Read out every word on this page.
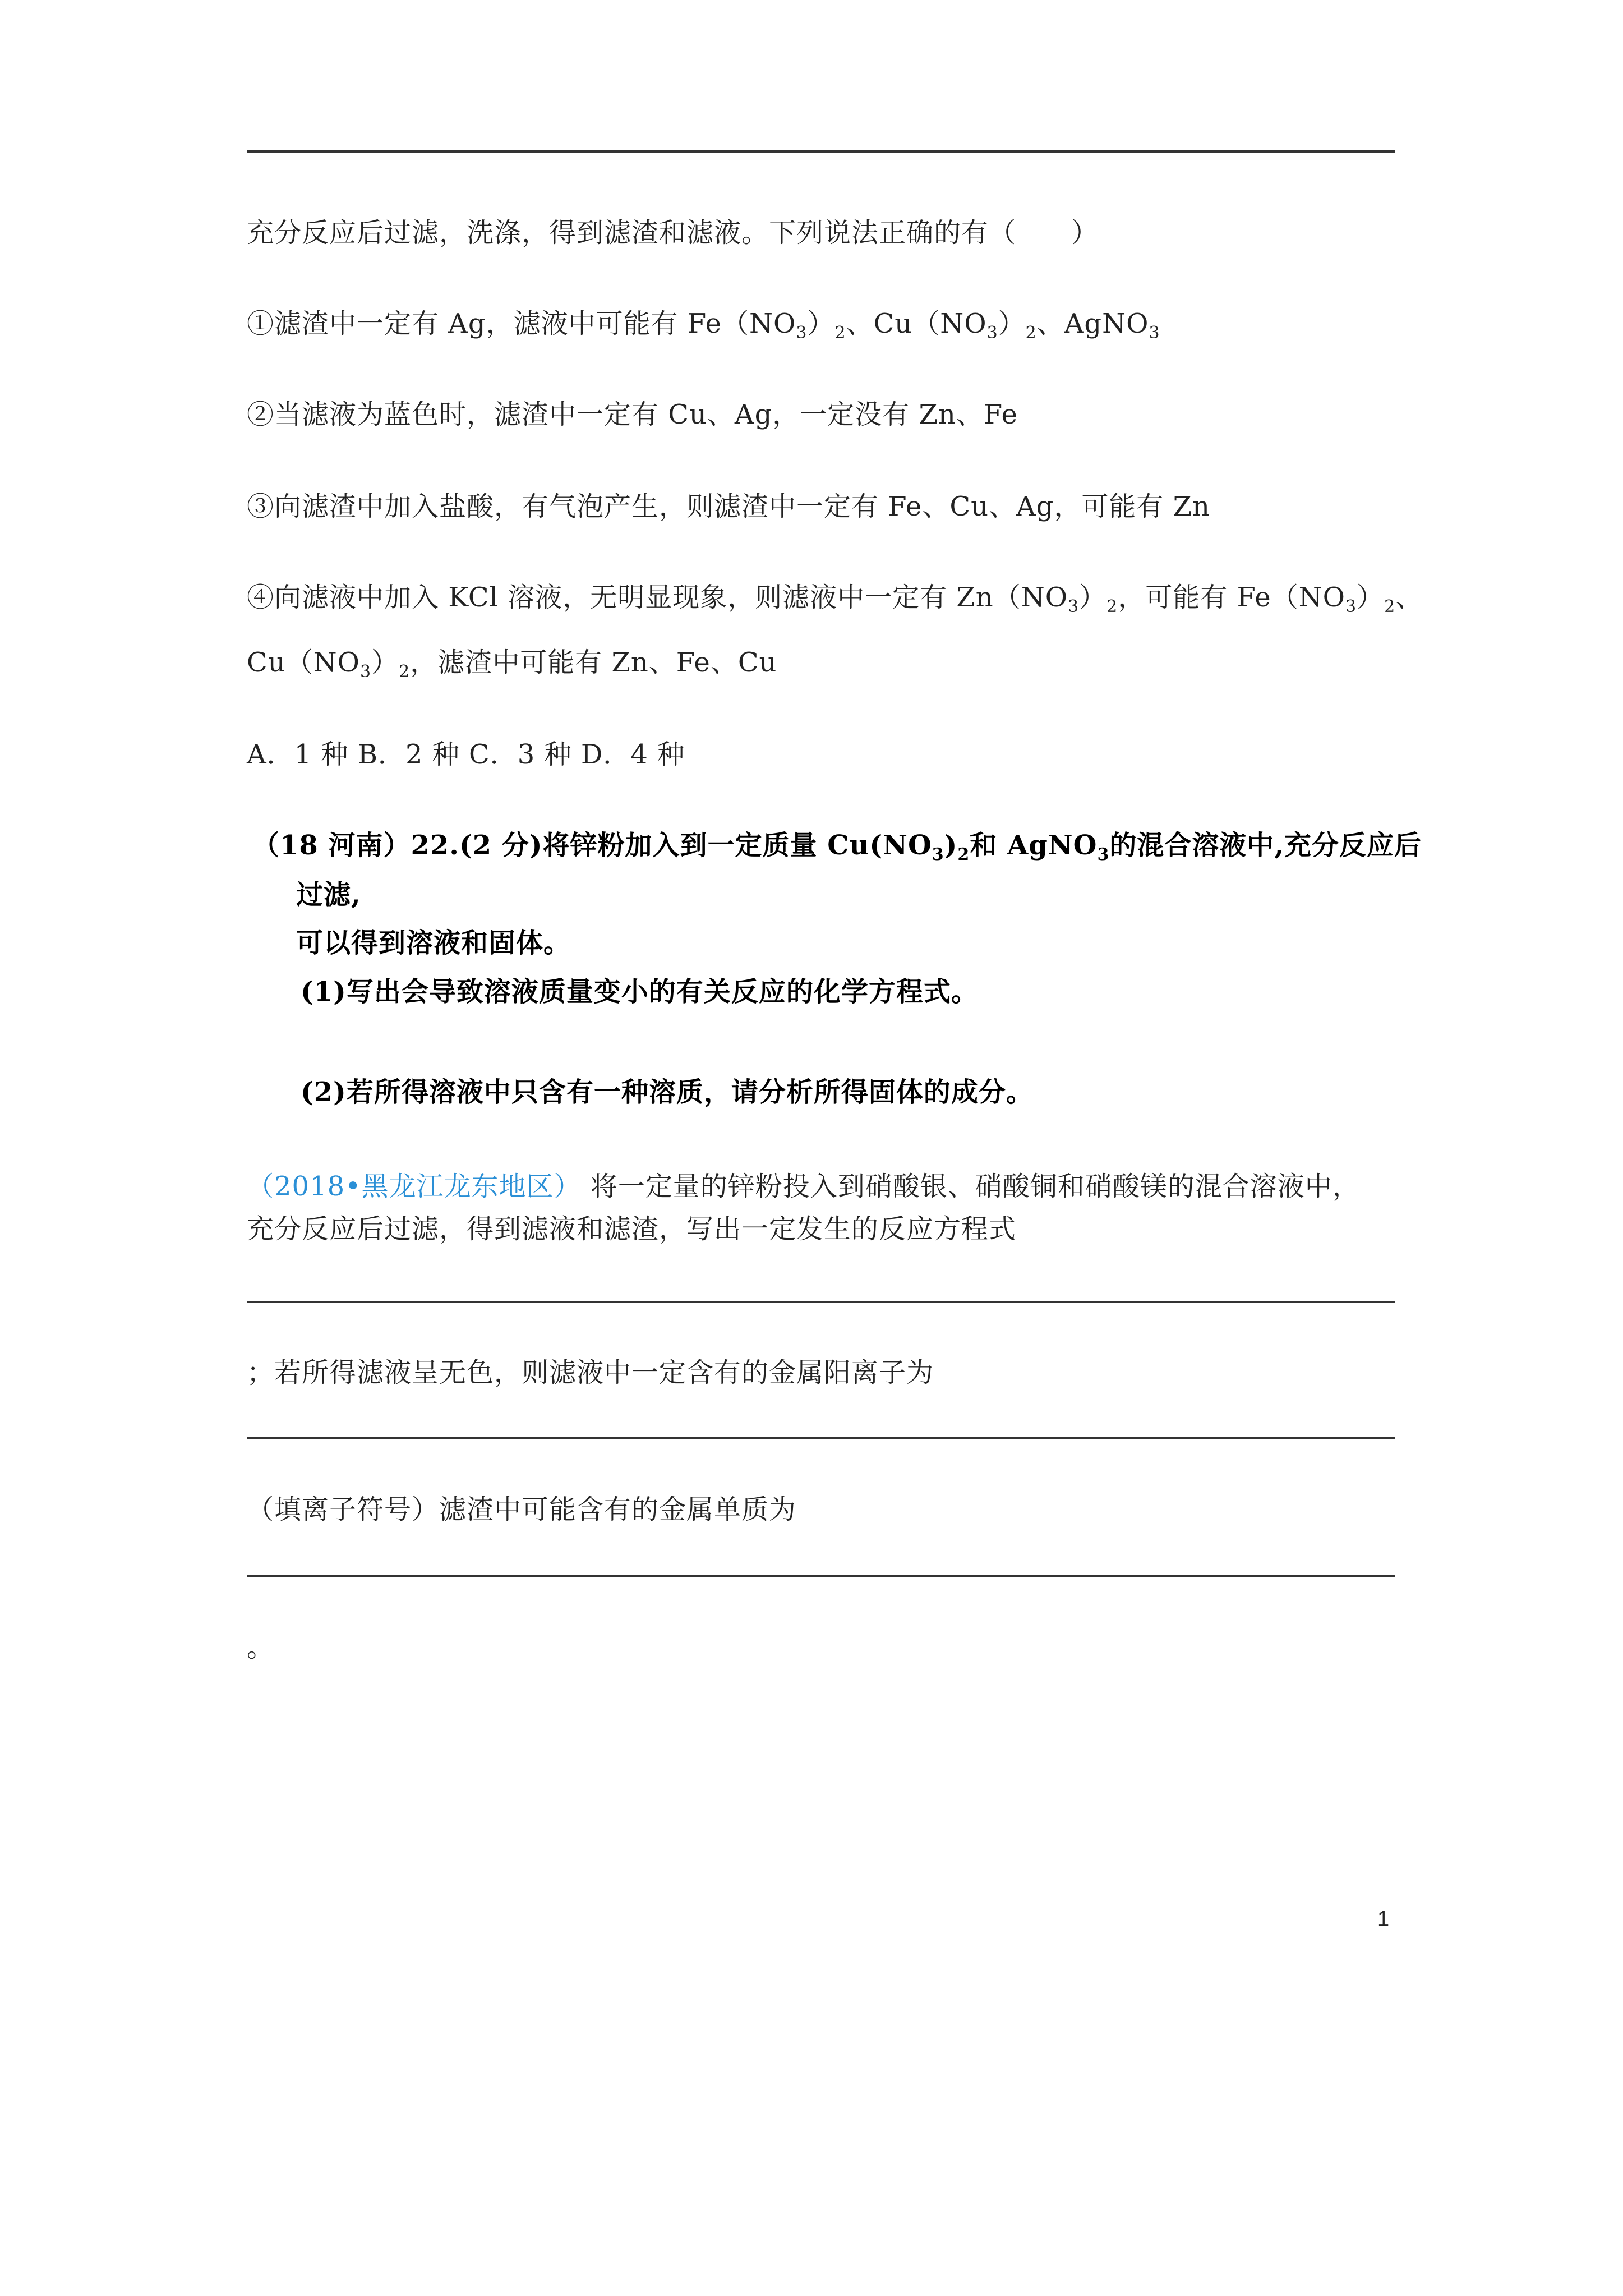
充分反应后过滤，洗涤，得到滤渣和滤液。下列说法正确的有（　　）
①滤渣中一定有 Ag，滤液中可能有 $Fe(NO_3)_2$、$Cu(NO_3)_2$、AgNO$_3$
②当滤液为蓝色时，滤渣中一定有 Cu、Ag，一定没有 Zn、Fe
③向滤渣中加入盐酸，有气泡产生，则滤渣中一定有 Fe、Cu、Ag，可能有 Zn
④向滤液中加入 KCl 溶液，无明显现象，则滤液中一定有 $Zn(NO_3)_2$，可能有 $Fe(NO_3)_2$、
$Cu(NO_3)_2$，滤渣中可能有 Zn、Fe、Cu
A．1 种 B．2 种 C．3 种 D．4 种
（18 河南）22.(2 分)将锌粉加入到一定质量 $Cu(NO_3)_2$和 AgNO$_3$的混合溶液中,充分反应后
过滤,
可以得到溶液和固体。
(1)写出会导致溶液质量变小的有关反应的化学方程式。
(2)若所得溶液中只含有一种溶质，请分析所得固体的成分。
（2018•黑龙江龙东地区） 将一定量的锌粉投入到硝酸银、硝酸铜和硝酸镁的混合溶液中，
充分反应后过滤，得到滤液和滤渣，写出一定发生的反应方程式
；若所得滤液呈无色，则滤液中一定含有的金属阳离子为
（填离子符号）滤渣中可能含有的金属单质为
。
1
